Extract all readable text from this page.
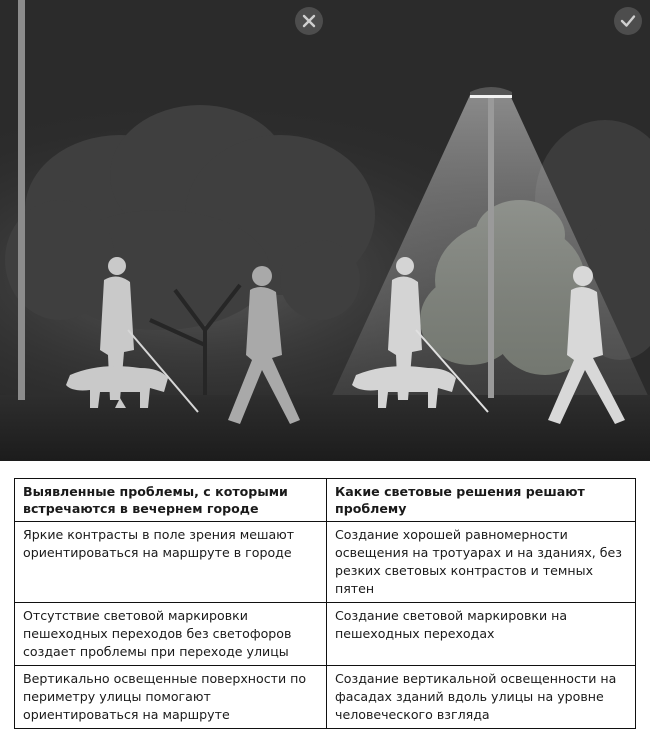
Выявленные проблемы, с которыми встречаются в вечернем городе	Какие световые решения решают проблему
Яркие контрасты в поле зрения мешают ориентироваться на маршруте в городе	Создание хорошей равномерности освещения на тротуарах и на зданиях, без резких световых контрастов и темных пятен
Отсутствие световой маркировки пешеходных переходов без светофоров создает проблемы при переходе улицы	Создание световой маркировки на пешеходных переходах
Вертикально освещенные поверхности по периметру улицы помогают ориентироваться на маршруте	Создание вертикальной освещенности на фасадах зданий вдоль улицы на уровне человеческого взгляда
